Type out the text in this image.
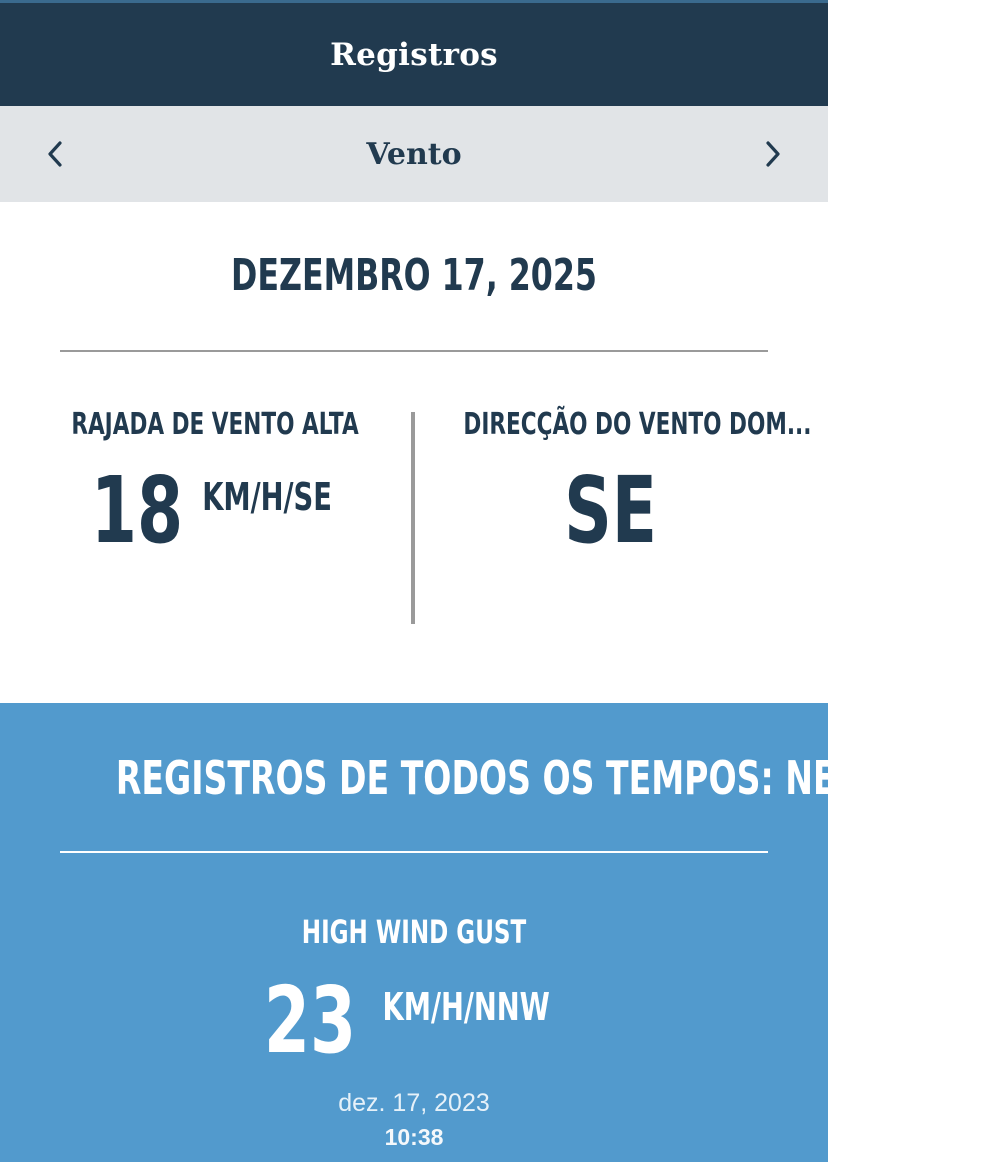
Registros
Vento
DEZEMBRO 17, 2025
RAJADA DE VENTO ALTA
18 KM/H/SE
DIRECÇÃO DO VENTO DOM...
SE
REGISTROS DE TODOS OS TEMPOS: NESTE DIA
HIGH WIND GUST
23 KM/H/NNW
dez. 17, 2023
10:38
